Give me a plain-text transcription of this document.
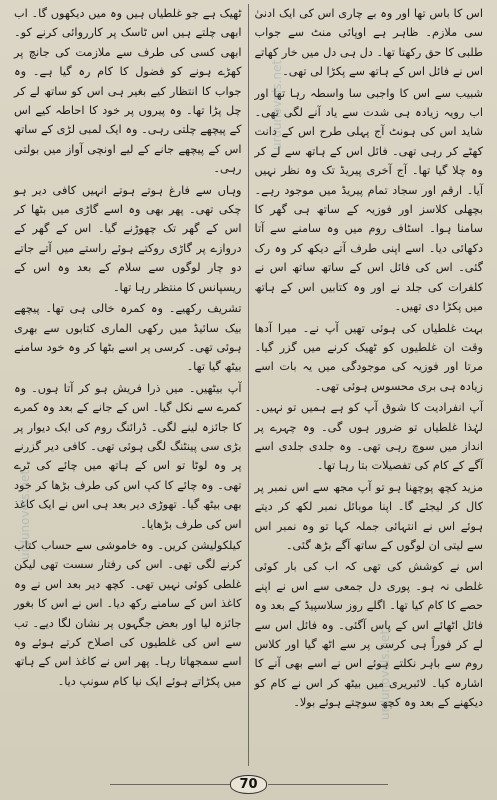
اس کا باس تھا اور وہ بے چاری اس کی ایک ادنیٰ سی ملازم۔ ظاہر ہے اوپائی منٹ سے جواب طلبی کا حق رکھتا تھا۔ دل ہی دل میں خار کھاتے اس نے فائل اس کے ہاتھ سے پکڑا لی تھی۔

شبیب سے اس کا واجبی سا واسطہ رہا تھا اور اب رویہ زیادہ ہی شدت سے یاد آنے لگی تھی۔ شاید اس کی ہونٹ آج پہلی طرح اس کے دانت کھٹے کر رہی تھی۔ فائل اس کے ہاتھ سے لے کر وہ چلا گیا تھا۔ آج آخری پیریڈ تک وہ نظر نہیں آیا۔ ارقم اور سجاد تمام پیریڈ میں موجود رہے۔ بچھلی کلاسز اور فوزیہ کے ساتھ ہی گھر کا سامنا ہوا۔ اسٹاف روم میں وہ سامنے سے آتا دکھائی دیا۔ اسے اپنی طرف آتے دیکھ کر وہ رک گئی۔ اس کی فائل اس کے ساتھ ساتھ اس نے کلفرات کی جلد نے اور وہ کتابیں اس کے ہاتھ میں پکڑا دی تھیں۔

بہت غلطیاں کی ہوئی تھیں آپ نے۔ میرا آدھا وقت ان غلطیوں کو ٹھیک کرنے میں گزر گیا۔ مرتا اور فوزیہ کی موجودگی میں یہ بات اسے زیادہ ہی بری محسوس ہوئی تھی۔

آپ انفرادیت کا شوق آپ کو ہے ہمیں تو نہیں۔ لہٰذا غلطیاں تو ضرور ہوں گی۔ وہ چہرے پر انداز میں سوچ رہی تھی۔ وہ جلدی جلدی اسے آگے کے کام کی تفصیلات بتا رہا تھا۔

مزید کچھ پوچھنا ہو تو آپ مجھ سے اس نمبر پر کال کر لیجئے گا۔ اپنا موبائل نمبر لکھ کر دیتے ہوئے اس نے انتہائی جملہ کہا تو وہ نمبر اس سے لیتی ان لوگوں کے ساتھ آگے بڑھ گئی۔

اس نے کوشش کی تھی کہ اب کی بار کوئی غلطی نہ ہو۔ پوری دل جمعی سے اس نے اپنے حصے کا کام کیا تھا۔ اگلے روز سلاسپیڈ کے بعد وہ فائل اٹھائے اس کے پاس آگئی۔ وہ فائل اس سے لے کر فوراً ہی کرسی پر سے اٹھ گیا اور کلاس روم سے باہر نکلتے ہوئے اس نے اسے بھی آنے کا اشارہ کیا۔ لائبریری میں بیٹھ کر اس نے کام کو دیکھنے کے بعد وہ کچھ سوچتے ہوئے بولا۔

ٹھیک ہے جو غلطیاں ہیں وہ میں دیکھوں گا۔ اب ابھی چلتے ہیں اس ٹاسک پر کارروائی کرنے کو۔ ابھی کسی کی طرف سے ملازمت کی جانچ پر کھڑے ہونے کو فضول کا کام رہ گیا ہے۔ وہ جواب کا انتظار کیے بغیر ہی اس کو ساتھ لے کر چل پڑا تھا۔ وہ پیروں پر خود کا احاطہ کیے اس کے پیچھے چلتی رہی۔ وہ ایک لمبی لڑی کے ساتھ اس کے پیچھے جانے کے لیے اونچی آواز میں بولتی رہی۔

وہاں سے فارغ ہوتے ہوتے انہیں کافی دیر ہو چکی تھی۔ پھر بھی وہ اسے گاڑی میں بٹھا کر اس کے گھر تک چھوڑنے گیا۔ اس کے گھر کے دروازے پر گاڑی روکتے ہوئے راستے میں آتے جاتے دو چار لوگوں سے سلام کے بعد وہ اس کے ریسپانس کا منتظر رہا تھا۔

تشریف رکھیے۔ وہ کمرہ خالی ہی تھا۔ پیچھے بیک سائیڈ میں رکھی الماری کتابوں سے بھری ہوئی تھی۔ کرسی پر اسے بٹھا کر وہ خود سامنے بیٹھ گیا تھا۔

آپ بیٹھیں۔ میں ذرا فریش ہو کر آتا ہوں۔ وہ کمرے سے نکل گیا۔ اس کے جانے کے بعد وہ کمرے کا جائزہ لینے لگی۔ ڈرائنگ روم کی ایک دیوار پر بڑی سی پینٹنگ لگی ہوئی تھی۔ کافی دیر گزرنے پر وہ لوٹا تو اس کے ہاتھ میں چائے کی ٹرے تھی۔ وہ چائے کا کپ اس کی طرف بڑھا کر خود بھی بیٹھ گیا۔ تھوڑی دیر بعد ہی اس نے ایک کاغذ اس کی طرف بڑھایا۔

کیلکولیشن کریں۔ وہ خاموشی سے حساب کتاب کرنے لگی تھی۔ اس کی رفتار سست تھی لیکن غلطی کوئی نہیں تھی۔ کچھ دیر بعد اس نے وہ کاغذ اس کے سامنے رکھ دیا۔ اس نے اس کا بغور جائزہ لیا اور بعض جگہوں پر نشان لگا دیے۔ تب سے اس کی غلطیوں کی اصلاح کرتے ہوئے وہ اسے سمجھاتا رہا۔ پھر اس نے کاغذ اس کے ہاتھ میں پکڑاتے ہوئے ایک نیا کام سونپ دیا۔

urdunovels.net
urdunovels.net
urdunovels.net
70
